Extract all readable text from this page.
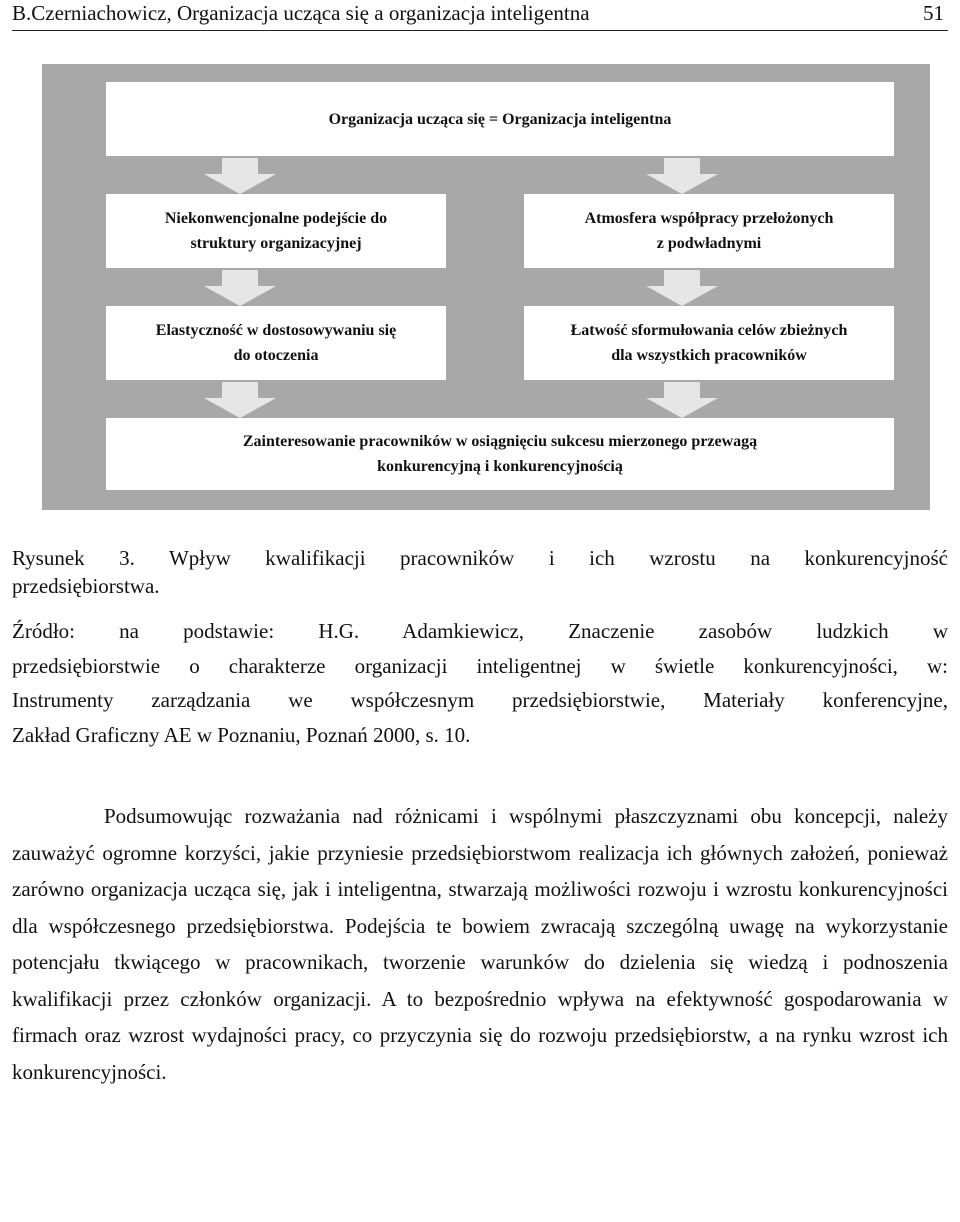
B.Czerniachowicz, Organizacja ucząca się a organizacja inteligentna	51
Organizacja ucząca się = Organizacja inteligentna
Niekonwencjonalne podejście do
struktury organizacyjnej
Atmosfera współpracy przełożonych
z podwładnymi
Elastyczność w dostosowywaniu się
do otoczenia
Łatwość sformułowania celów zbieżnych
dla wszystkich pracowników
Zainteresowanie pracowników w osiągnięciu sukcesu mierzonego przewagą
konkurencyjną i konkurencyjnością
Rysunek 3. Wpływ kwalifikacji pracowników i ich wzrostu na konkurencyjność
przedsiębiorstwa.
Źródło: na podstawie: H.G. Adamkiewicz, Znaczenie zasobów ludzkich w
przedsiębiorstwie o charakterze organizacji inteligentnej w świetle konkurencyjności, w:
Instrumenty zarządzania we współczesnym przedsiębiorstwie, Materiały konferencyjne,
Zakład Graficzny AE w Poznaniu, Poznań 2000, s. 10.

Podsumowując rozważania nad różnicami i wspólnymi płaszczyznami obu koncepcji, należy zauważyć ogromne korzyści, jakie przyniesie przedsiębiorstwom realizacja ich głównych założeń, ponieważ zarówno organizacja ucząca się, jak i inteligentna, stwarzają możliwości rozwoju i wzrostu konkurencyjności dla współczesnego przedsiębiorstwa. Podejścia te bowiem zwracają szczególną uwagę na wykorzystanie potencjału tkwiącego w pracownikach, tworzenie warunków do dzielenia się wiedzą i podnoszenia kwalifikacji przez członków organizacji. A to bezpośrednio wpływa na efektywność gospodarowania w firmach oraz wzrost wydajności pracy, co przyczynia się do rozwoju przedsiębiorstw, a na rynku wzrost ich konkurencyjności.
